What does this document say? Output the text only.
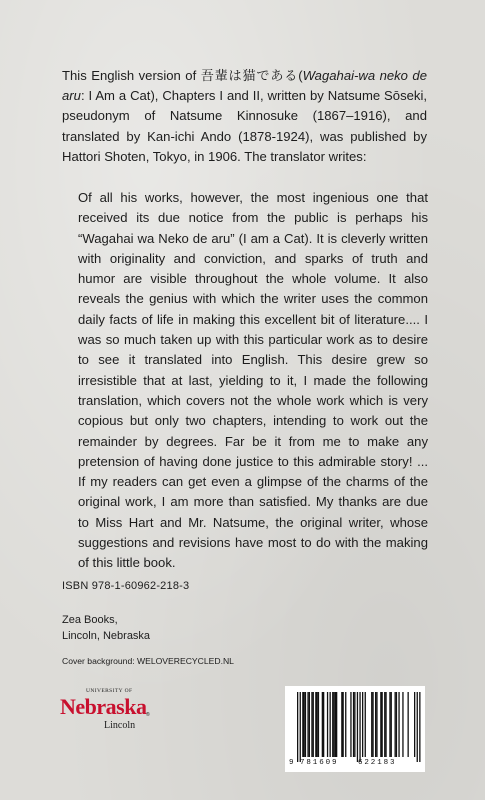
This English version of 吾輩は猫である(Wagahai-wa neko de aru: I Am a Cat), Chapters I and II, written by Natsume Sōseki, pseudonym of Natsume Kinnosuke (1867–1916), and translated by Kan-ichi Ando (1878-1924), was published by Hattori Shoten, Tokyo, in 1906. The translator writes:

Of all his works, however, the most ingenious one that received its due notice from the public is perhaps his “Wagahai wa Neko de aru” (I am a Cat). It is cleverly written with originality and conviction, and sparks of truth and humor are visible throughout the whole volume. It also reveals the genius with which the writer uses the common daily facts of life in making this excellent bit of literature.... I was so much taken up with this particular work as to desire to see it translated into English. This desire grew so irresistible that at last, yielding to it, I made the following translation, which covers not the whole work which is very copious but only two chapters, intending to work out the remainder by degrees. Far be it from me to make any pretension of having done justice to this admirable story! ... If my readers can get even a glimpse of the charms of the original work, I am more than satisfied. My thanks are due to Miss Hart and Mr. Natsume, the original writer, whose suggestions and revisions have most to do with the making of this little book.

ISBN 978-1-60962-218-3

Zea Books,
Lincoln, Nebraska

Cover background: WELOVERECYCLED.NL

UNIVERSITY OF
Nebraska ®
Lincoln
9 781609	622183
